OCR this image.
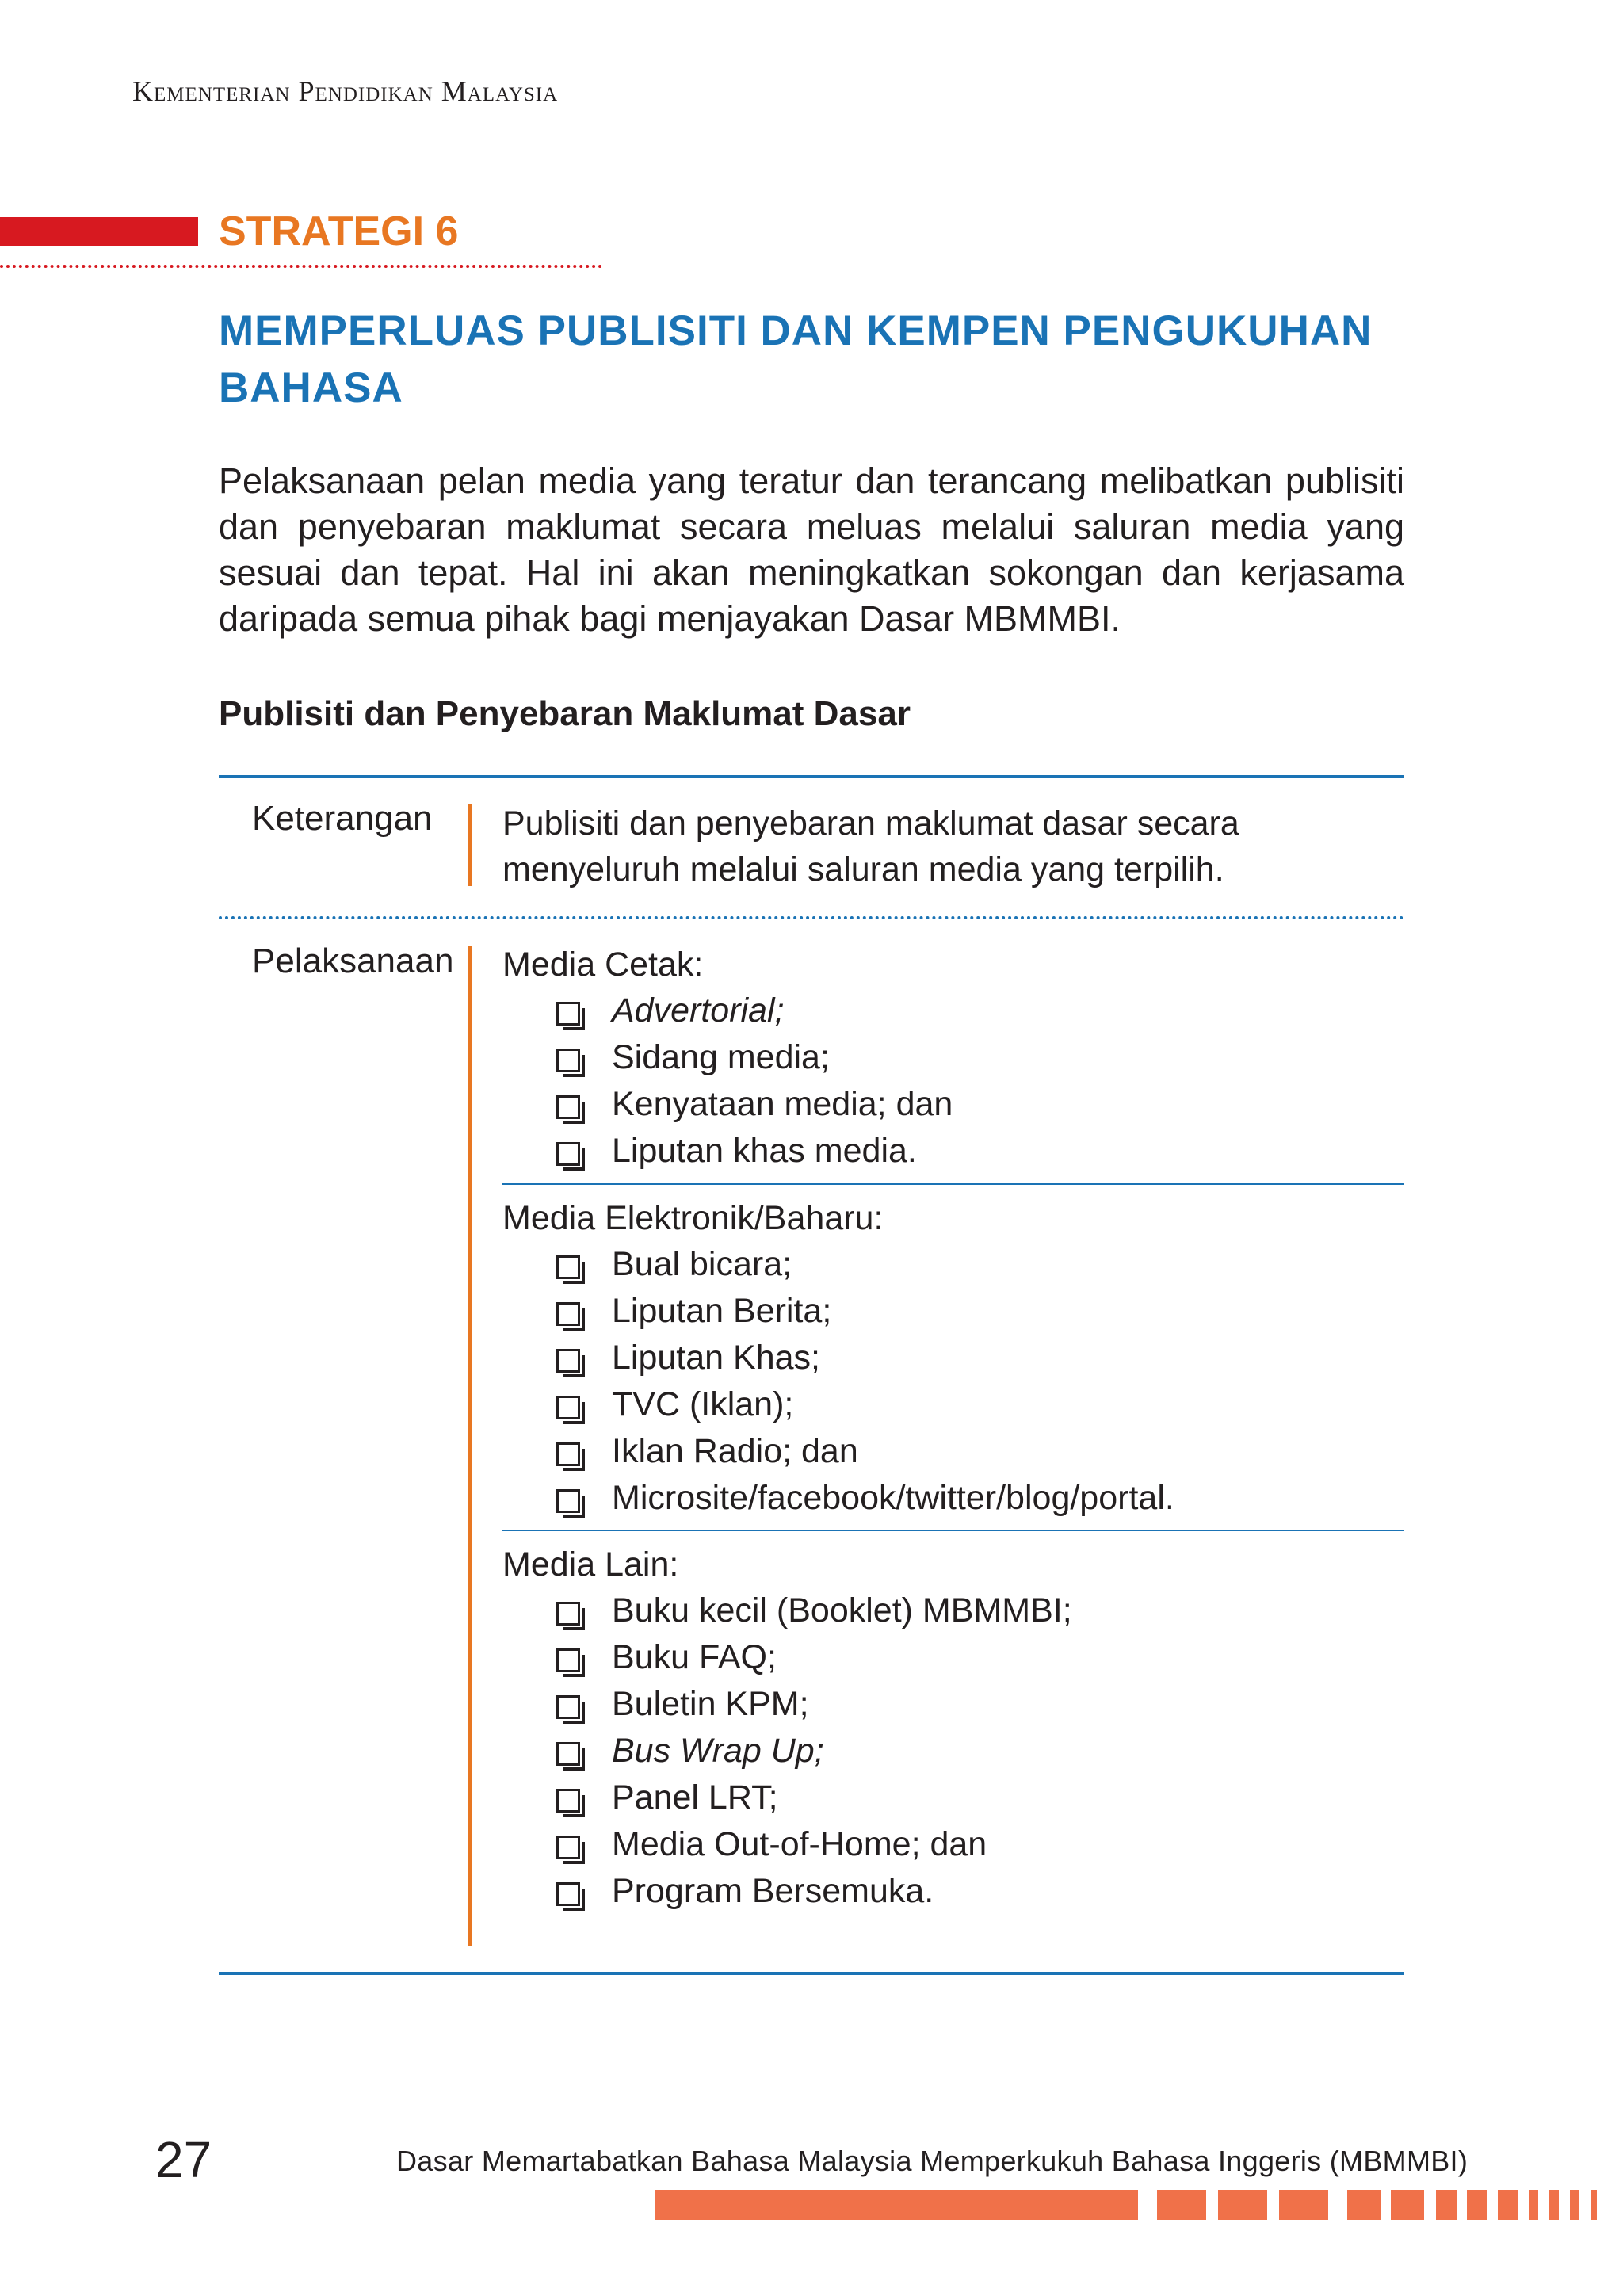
Kementerian Pendidikan Malaysia
STRATEGI 6
MEMPERLUAS PUBLISITI DAN KEMPEN PENGUKUHAN BAHASA
Pelaksanaan pelan media yang teratur dan terancang melibatkan publisiti dan penyebaran maklumat secara meluas melalui saluran media yang sesuai dan tepat. Hal ini akan meningkatkan sokongan dan kerjasama daripada semua pihak bagi menjayakan Dasar MBMMBI.
Publisiti dan Penyebaran Maklumat Dasar
Keterangan Publisiti dan penyebaran maklumat dasar secara menyeluruh melalui saluran media yang terpilih.
Pelaksanaan Media Cetak:
Advertorial;
Sidang media;
Kenyataan media; dan
Liputan khas media.
Media Elektronik/Baharu:
Bual bicara;
Liputan Berita;
Liputan Khas;
TVC (Iklan);
Iklan Radio; dan
Microsite/facebook/twitter/blog/portal.
Media Lain:
Buku kecil (Booklet) MBMMBI;
Buku FAQ;
Buletin KPM;
Bus Wrap Up;
Panel LRT;
Media Out-of-Home; dan
Program Bersemuka.
27	Dasar Memartabatkan Bahasa Malaysia Memperkukuh Bahasa Inggeris (MBMMBI)
